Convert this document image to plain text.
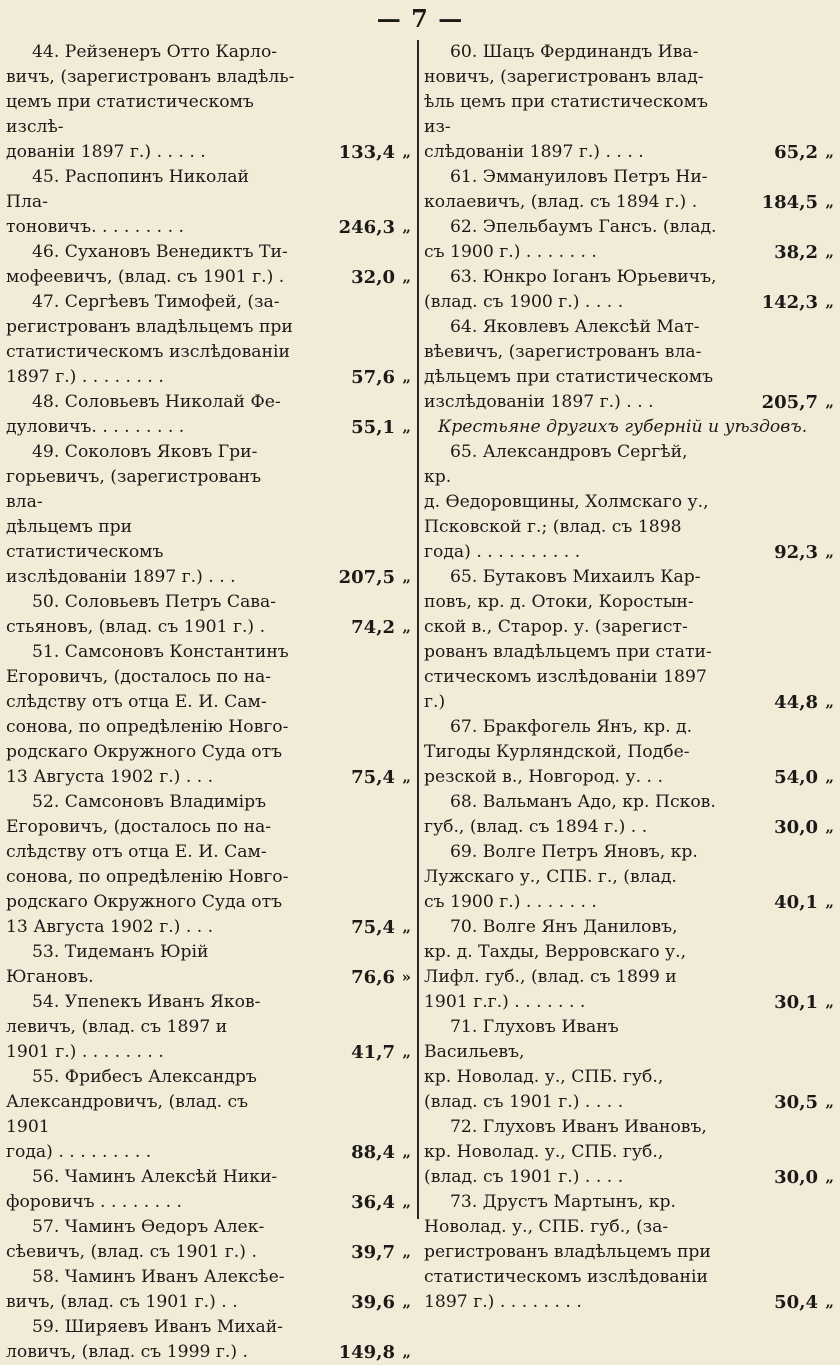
— 7 —
44. Рейзенеръ Отто Карло-
вичъ, (зарегистрованъ владѣль-
цемъ при статистическомъ изслѣ-
дованіи 1897 г.) . . . . .	133,4 „
45. Распопинъ Николай Пла-
тоновичъ. . . . . . . . .	246,3 „
46. Сухановъ Венедиктъ Ти-
мофеевичъ, (влад. съ 1901 г.) .	32,0 „
47. Сергѣевъ Тимофей, (за-
регистрованъ владѣльцемъ при
статистическомъ изслѣдованіи
1897 г.) . . . . . . . .	57,6 „
48. Соловьевъ Николай Фе-
дуловичъ. . . . . . . . .	55,1 „
49. Соколовъ Яковъ Гри-
горьевичъ, (зарегистрованъ вла-
дѣльцемъ при статистическомъ
изслѣдованіи 1897 г.) . . .	207,5 „
50. Соловьевъ Петръ Сава-
стьяновъ, (влад. съ 1901 г.) .	74,2 „
51. Самсоновъ Константинъ
Егоровичъ, (досталось по на-
слѣдству отъ отца Е. И. Сам-
сонова, по опредѣленію Новго-
родскаго Окружного Суда отъ
13 Августа 1902 г.) . . .	75,4 „
52. Самсоновъ Владиміръ
Егоровичъ, (досталось по на-
слѣдству отъ отца Е. И. Сам-
сонова, по опредѣленію Новго-
родскаго Окружного Суда отъ
13 Августа 1902 г.) . . .	75,4 „
53. Тидеманъ Юрій Югановъ.	76,6 »
54. Упеnекъ Иванъ Яков-
левичъ, (влад. съ 1897 и
1901 г.) . . . . . . . .	41,7 „
55. Фрибесъ Александръ
Александровичъ, (влад. съ 1901
года) . . . . . . . . .	88,4 „
56. Чаминъ Алексѣй Ники-
форовичъ . . . . . . . .	36,4 „
57. Чаминъ Ѳедоръ Алек-
сѣевичъ, (влад. съ 1901 г.) .	39,7 „
58. Чаминъ Иванъ Алексѣе-
вичъ, (влад. съ 1901 г.) . .	39,6 „
59. Ширяевъ Иванъ Михай-
ловичъ, (влад. съ 1999 г.) .	149,8 „
60. Шацъ Фердинандъ Ива-
новичъ, (зарегистрованъ влад-
ѣль цемъ при статистическомъ из-
слѣдованіи 1897 г.) . . . .	65,2 „
61. Эммануиловъ Петръ Ни-
колаевичъ, (влад. съ 1894 г.) .	184,5 „
62. Эпельбаумъ Гансъ. (влад.
съ 1900 г.) . . . . . . .	38,2 „
63. Юнкро Іоганъ Юрьевичъ,
(влад. съ 1900 г.) . . . .	142,3 „
64. Яковлевъ Алексѣй Мат-
вѣевичъ, (зарегистрованъ вла-
дѣльцемъ при статистическомъ
изслѣдованіи 1897 г.) . . .	205,7 „
Крестьяне другихъ губерній и уѣздовъ.
65. Александровъ Сергѣй, кр.
д. Ѳедоровщины, Холмскаго у.,
Псковской г.; (влад. съ 1898
года) . . . . . . . . . .	92,3 „
65. Бутаковъ Михаилъ Кар-
повъ, кр. д. Отоки, Коростын-
ской в., Старор. у. (зарегист-
рованъ владѣльцемъ при стати-
стическомъ изслѣдованіи 1897 г.)	44,8 „
67. Бракфогель Янъ, кр. д.
Тигоды Курляндской, Подбе-
резской в., Новгород. у. . .	54,0 „
68. Вальманъ Адо, кр. Псков.
губ., (влад. съ 1894 г.) . .	30,0 „
69. Волге Петръ Яновъ, кр.
Лужскаго у., СПБ. г., (влад.
съ 1900 г.) . . . . . . .	40,1 „
70. Волге Янъ Даниловъ,
кр. д. Тахды, Верровскаго у.,
Лифл. губ., (влад. съ 1899 и
1901 г.г.) . . . . . . .	30,1 „
71. Глуховъ Иванъ Васильевъ,
кр. Новолад. у., СПБ. губ.,
(влад. съ 1901 г.) . . . .	30,5 „
72. Глуховъ Иванъ Ивановъ,
кр. Новолад. у., СПБ. губ.,
(влад. съ 1901 г.) . . . .	30,0 „
73. Друстъ Мартынъ, кр.
Новолад. у., СПБ. губ., (за-
регистрованъ владѣльцемъ при
статистическомъ изслѣдованіи
1897 г.) . . . . . . . .	50,4 „
